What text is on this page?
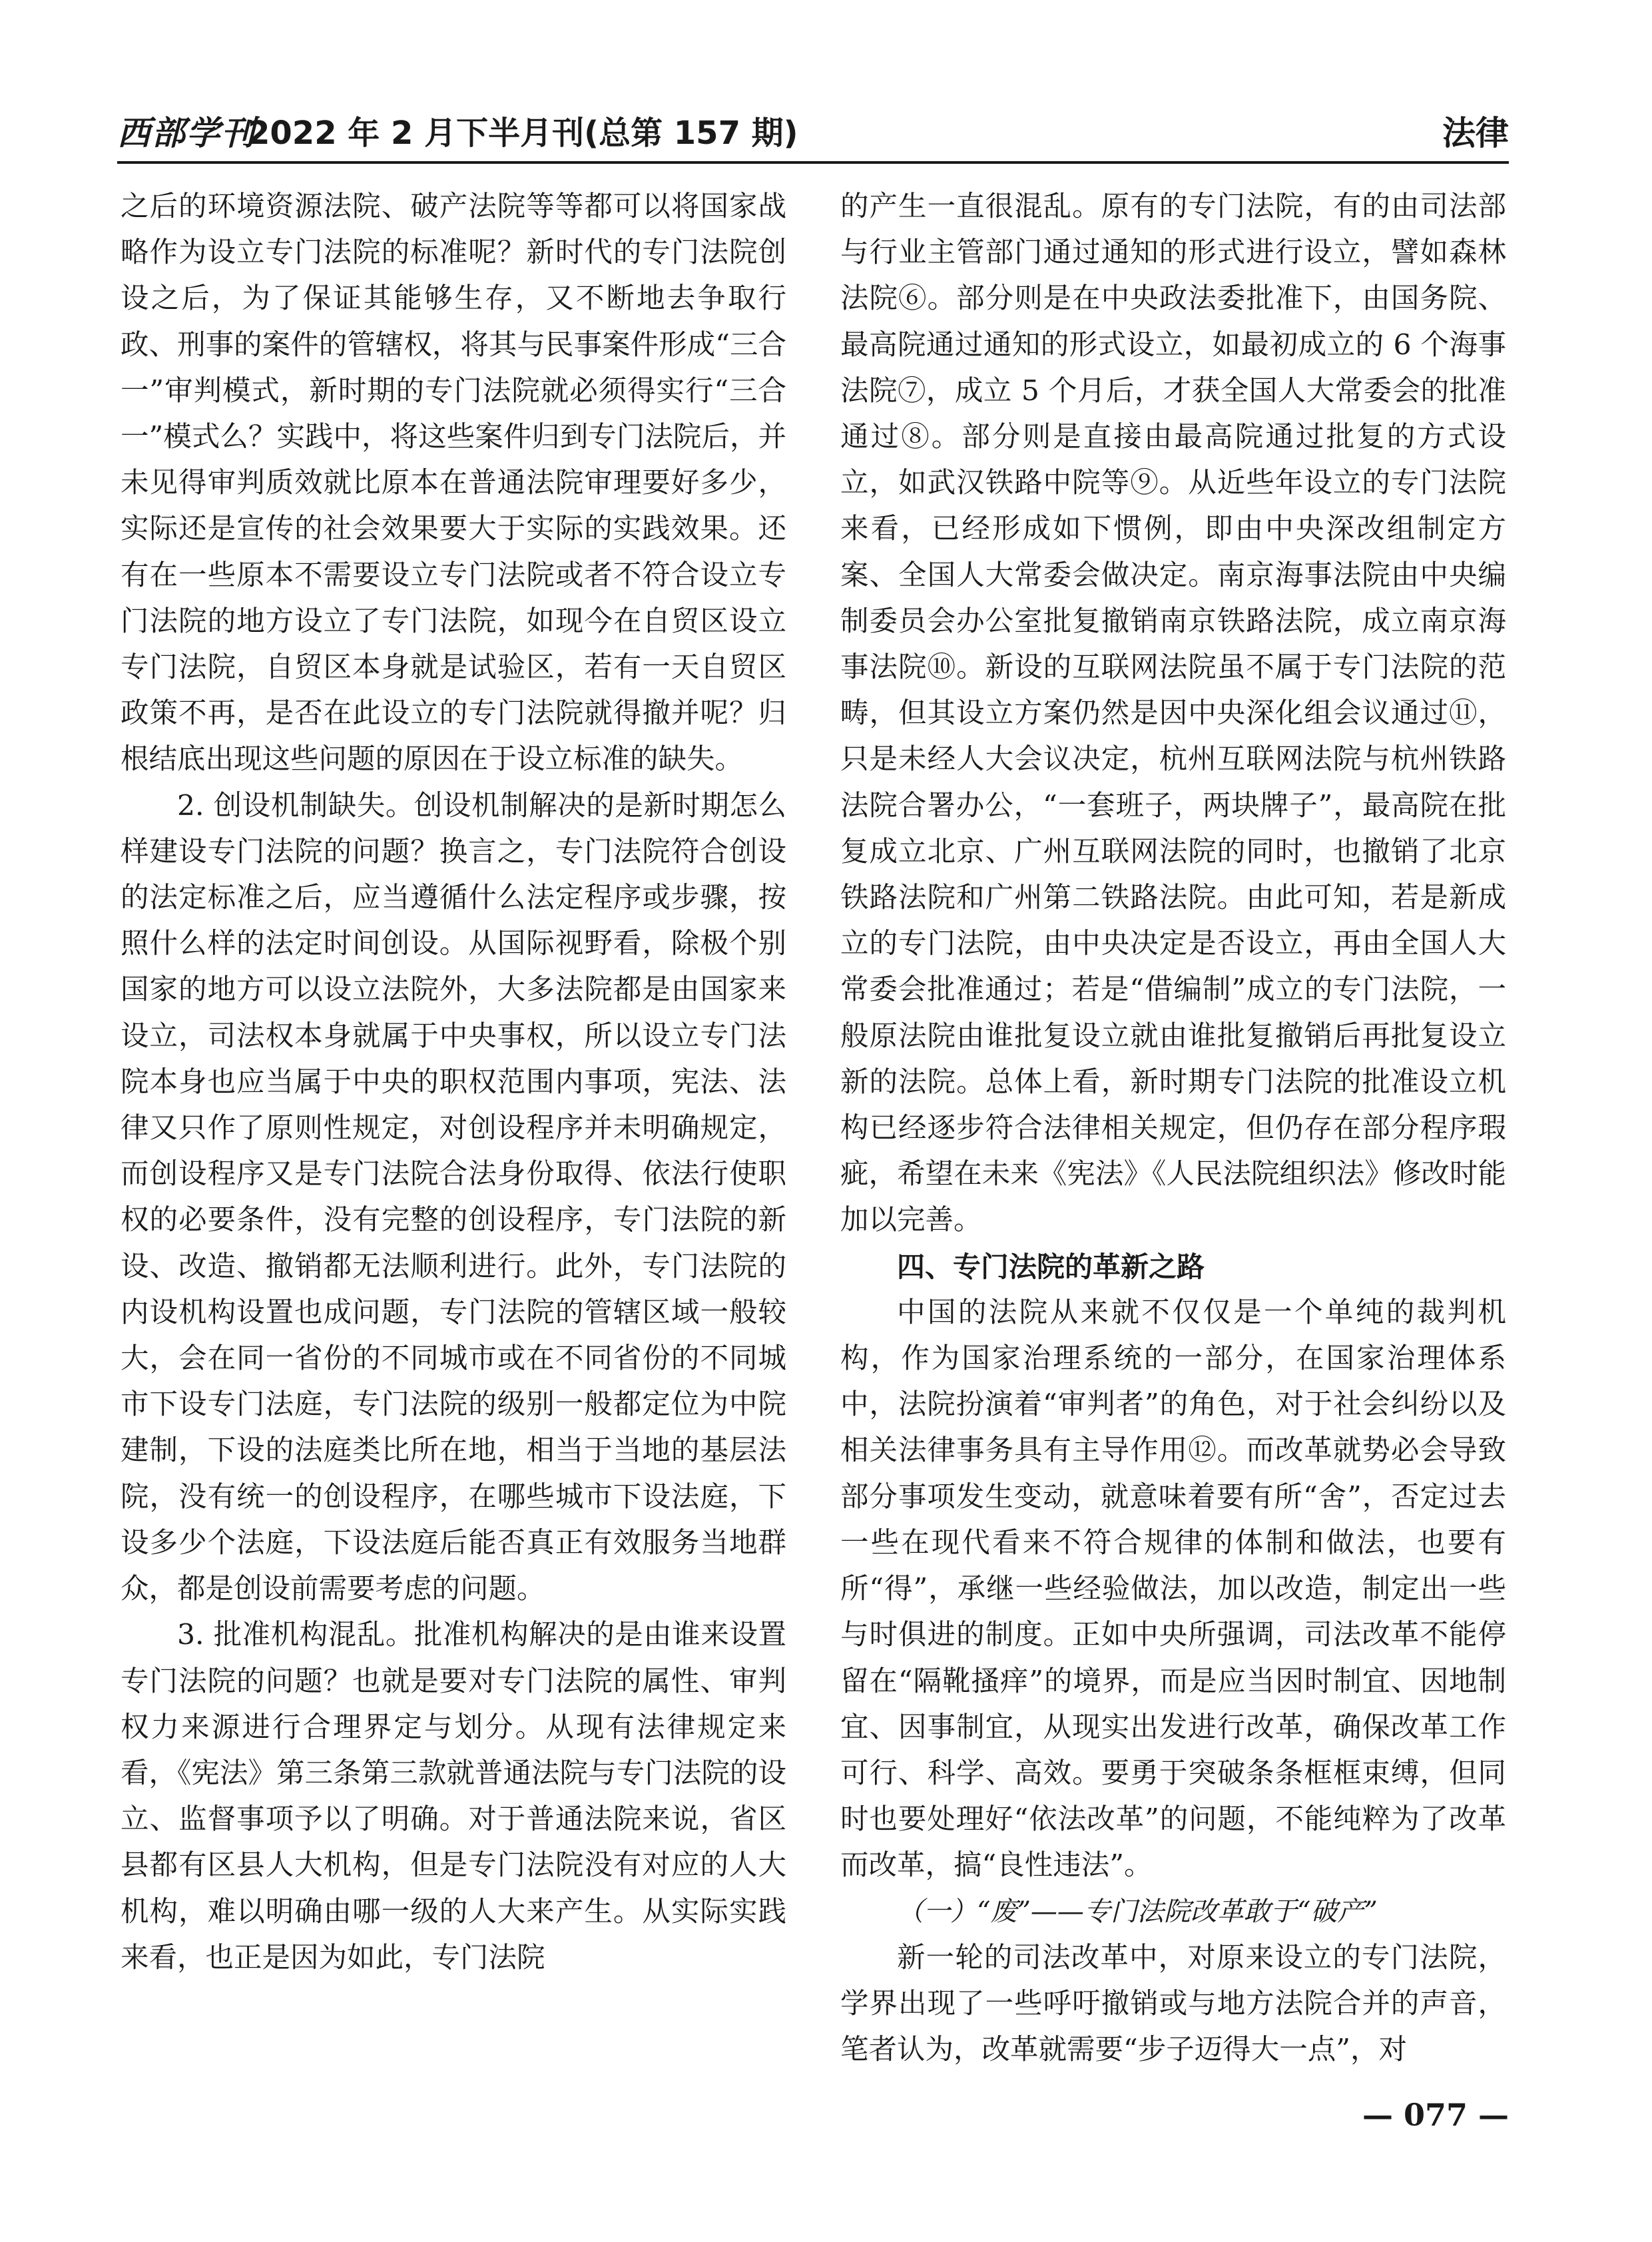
西部学刊
2022 年 2 月下半月刊(总第 157 期)	法律

之后的环境资源法院、破产法院等等都可以将国家战略作为设立专门法院的标准呢？新时代的专门法院创设之后，为了保证其能够生存，又不断地去争取行政、刑事的案件的管辖权，将其与民事案件形成“三合一”审判模式，新时期的专门法院就必须得实行“三合一”模式么？实践中，将这些案件归到专门法院后，并未见得审判质效就比原本在普通法院审理要好多少，实际还是宣传的社会效果要大于实际的实践效果。还有在一些原本不需要设立专门法院或者不符合设立专门法院的地方设立了专门法院，如现今在自贸区设立专门法院，自贸区本身就是试验区，若有一天自贸区政策不再，是否在此设立的专门法院就得撤并呢？归根结底出现这些问题的原因在于设立标准的缺失。

2. 创设机制缺失。创设机制解决的是新时期怎么样建设专门法院的问题？换言之，专门法院符合创设的法定标准之后，应当遵循什么法定程序或步骤，按照什么样的法定时间创设。从国际视野看，除极个别国家的地方可以设立法院外，大多法院都是由国家来设立，司法权本身就属于中央事权，所以设立专门法院本身也应当属于中央的职权范围内事项，宪法、法律又只作了原则性规定，对创设程序并未明确规定，而创设程序又是专门法院合法身份取得、依法行使职权的必要条件，没有完整的创设程序，专门法院的新设、改造、撤销都无法顺利进行。此外，专门法院的内设机构设置也成问题，专门法院的管辖区域一般较大，会在同一省份的不同城市或在不同省份的不同城市下设专门法庭，专门法院的级别一般都定位为中院建制，下设的法庭类比所在地，相当于当地的基层法院，没有统一的创设程序，在哪些城市下设法庭，下设多少个法庭，下设法庭后能否真正有效服务当地群众，都是创设前需要考虑的问题。

3. 批准机构混乱。批准机构解决的是由谁来设置专门法院的问题？也就是要对专门法院的属性、审判权力来源进行合理界定与划分。从现有法律规定来看，《宪法》第三条第三款就普通法院与专门法院的设立、监督事项予以了明确。对于普通法院来说，省区县都有区县人大机构，但是专门法院没有对应的人大机构，难以明确由哪一级的人大来产生。从实际实践来看，也正是因为如此，专门法院

的产生一直很混乱。原有的专门法院，有的由司法部与行业主管部门通过通知的形式进行设立，譬如森林法院⑥。部分则是在中央政法委批准下，由国务院、最高院通过通知的形式设立，如最初成立的 6 个海事法院⑦，成立 5 个月后，才获全国人大常委会的批准通过⑧。部分则是直接由最高院通过批复的方式设立，如武汉铁路中院等⑨。从近些年设立的专门法院来看，已经形成如下惯例，即由中央深改组制定方案、全国人大常委会做决定。南京海事法院由中央编制委员会办公室批复撤销南京铁路法院，成立南京海事法院⑩。新设的互联网法院虽不属于专门法院的范畴，但其设立方案仍然是因中央深化组会议通过⑪，只是未经人大会议决定，杭州互联网法院与杭州铁路法院合署办公，“一套班子，两块牌子”，最高院在批复成立北京、广州互联网法院的同时，也撤销了北京铁路法院和广州第二铁路法院。由此可知，若是新成立的专门法院，由中央决定是否设立，再由全国人大常委会批准通过；若是“借编制”成立的专门法院，一般原法院由谁批复设立就由谁批复撤销后再批复设立新的法院。总体上看，新时期专门法院的批准设立机构已经逐步符合法律相关规定，但仍存在部分程序瑕疵，希望在未来《宪法》《人民法院组织法》修改时能加以完善。

四、专门法院的革新之路

中国的法院从来就不仅仅是一个单纯的裁判机构，作为国家治理系统的一部分，在国家治理体系中，法院扮演着“审判者”的角色，对于社会纠纷以及相关法律事务具有主导作用⑫。而改革就势必会导致部分事项发生变动，就意味着要有所“舍”，否定过去一些在现代看来不符合规律的体制和做法，也要有所“得”，承继一些经验做法，加以改造，制定出一些与时俱进的制度。正如中央所强调，司法改革不能停留在“隔靴搔痒”的境界，而是应当因时制宜、因地制宜、因事制宜，从现实出发进行改革，确保改革工作可行、科学、高效。要勇于突破条条框框束缚，但同时也要处理好“依法改革”的问题，不能纯粹为了改革而改革，搞“良性违法”。

（一）“废”——专门法院改革敢于“破产”

新一轮的司法改革中，对原来设立的专门法院，学界出现了一些呼吁撤销或与地方法院合并的声音，笔者认为，改革就需要“步子迈得大一点”，对

— 077 —
